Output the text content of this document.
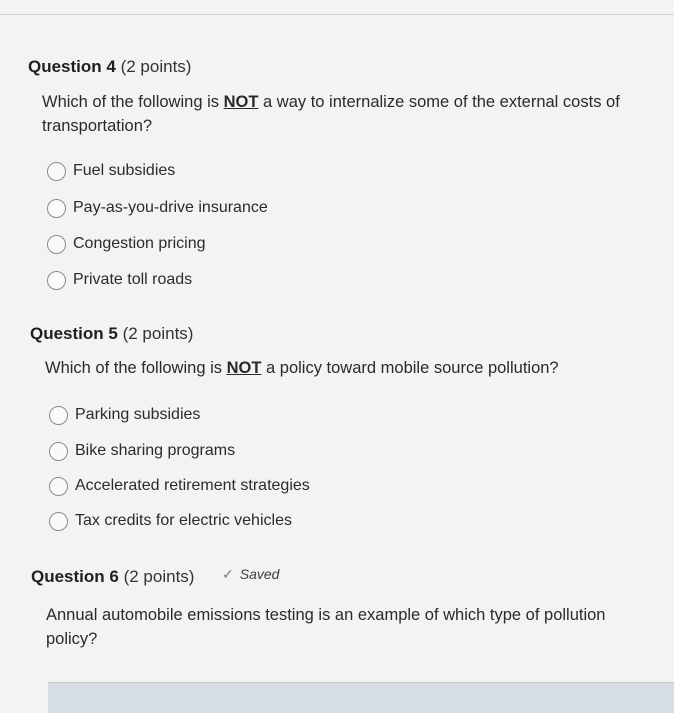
Question 4 (2 points)
Which of the following is NOT a way to internalize some of the external costs of transportation?
Fuel subsidies
Pay-as-you-drive insurance
Congestion pricing
Private toll roads
Question 5 (2 points)
Which of the following is NOT a policy toward mobile source pollution?
Parking subsidies
Bike sharing programs
Accelerated retirement strategies
Tax credits for electric vehicles
Question 6 (2 points) ✓ Saved
Annual automobile emissions testing is an example of which type of pollution policy?
